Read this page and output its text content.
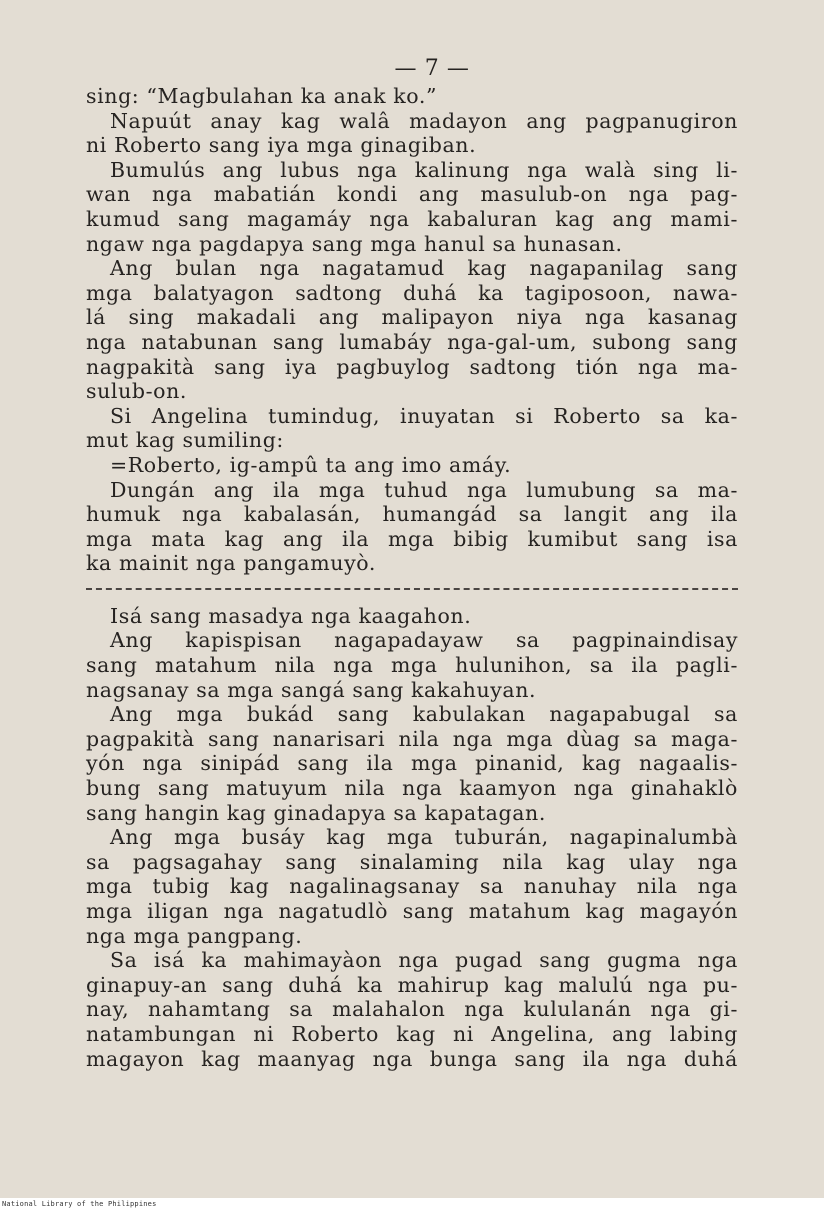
— 7 —
sing: “Magbulahan ka anak ko.”
Napuút anay kag walâ madayon ang pagpanugiron
ni Roberto sang iya mga ginagiban.
Bumulús ang lubus nga kalinung nga walà sing li-
wan nga mabatián kondi ang masulub-on nga pag-
kumud sang magamáy nga kabaluran kag ang mami-
ngaw nga pagdapya sang mga hanul sa hunasan.
Ang bulan nga nagatamud kag nagapanilag sang
mga balatyagon sadtong duhá ka tagiposoon, nawa-
lá sing makadali ang malipayon niya nga kasanag
nga natabunan sang lumabáy nga-gal-um, subong sang
nagpakità sang iya pagbuylog sadtong tión nga ma-
sulub-on.
Si Angelina tumindug, inuyatan si Roberto sa ka-
mut kag sumiling:
=Roberto, ig-ampû ta ang imo amáy.
Dungán ang ila mga tuhud nga lumubung sa ma-
humuk nga kabalasán, humangád sa langit ang ila
mga mata kag ang ila mga bibig kumibut sang isa
ka mainit nga pangamuyò.
Isá sang masadya nga kaagahon.
Ang kapispisan nagapadayaw sa pagpinaindisay
sang matahum nila nga mga hulunihon, sa ila pagli-
nagsanay sa mga sangá sang kakahuyan.
Ang mga bukád sang kabulakan nagapabugal sa
pagpakità sang nanarisari nila nga mga dùag sa maga-
yón nga sinipád sang ila mga pinanid, kag nagaalis-
bung sang matuyum nila nga kaamyon nga ginahaklò
sang hangin kag ginadapya sa kapatagan.
Ang mga busáy kag mga tuburán, nagapinalumbà
sa pagsagahay sang sinalaming nila kag ulay nga
mga tubig kag nagalinagsanay sa nanuhay nila nga
mga iligan nga nagatudlò sang matahum kag magayón
nga mga pangpang.
Sa isá ka mahimayàon nga pugad sang gugma nga
ginapuy-an sang duhá ka mahirup kag malulú nga pu-
nay, nahamtang sa malahalon nga kululanán nga gi-
natambungan ni Roberto kag ni Angelina, ang labing
magayon kag maanyag nga bunga sang ila nga duhá
National Library of the Philippines
